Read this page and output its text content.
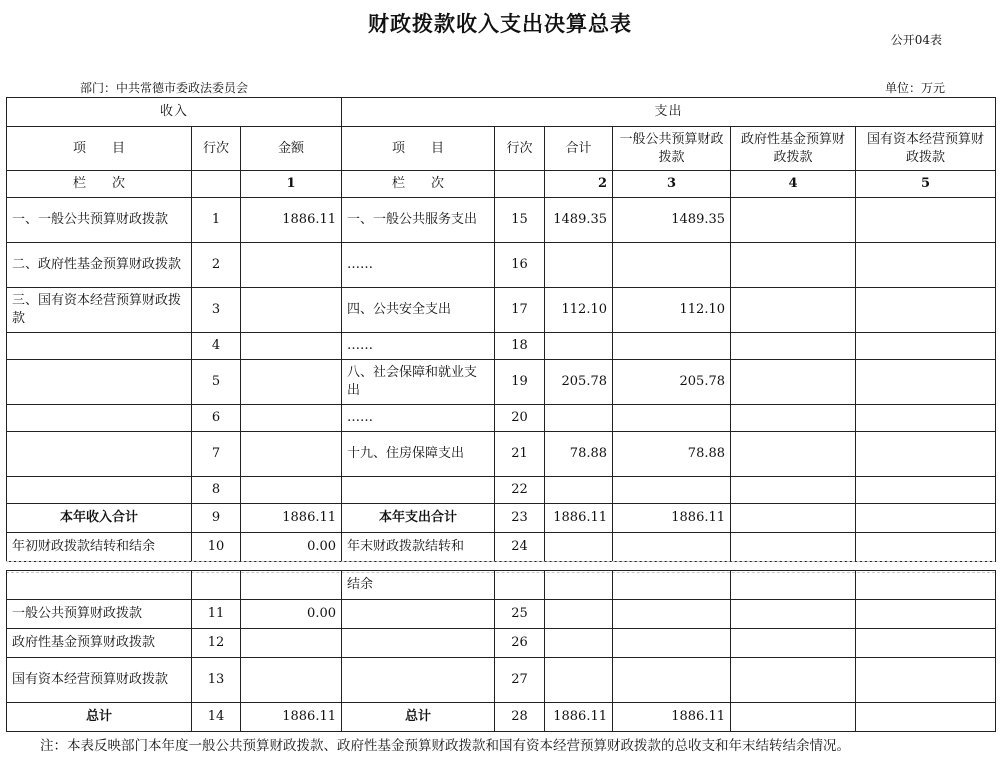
财政拨款收入支出决算总表
公开04表
部门：中共常德市委政法委员会	单位：万元
收入			支出					
项　　目	行次	金额	项　　目	行次	合计	一般公共预算财政拨款	政府性基金预算财政拨款	国有资本经营预算财政拨款
栏　　次		1	栏　　次		2	3	4	5
一、一般公共预算财政拨款	1	1886.11	一、一般公共服务支出	15	1489.35	1489.35		
二、政府性基金预算财政拨款	2		……	16				
三、国有资本经营预算财政拨款	3		四、公共安全支出	17	112.10	112.10		
	4		……	18				
	5		八、社会保障和就业支出	19	205.78	205.78		
	6		……	20				
	7		十九、住房保障支出	21	78.88	78.88		
	8			22				
本年收入合计	9	1886.11	本年支出合计	23	1886.11	1886.11		
年初财政拨款结转和结余	10	0.00	年末财政拨款结转和	24				
			结余					
一般公共预算财政拨款	11	0.00		25				
政府性基金预算财政拨款	12			26				
国有资本经营预算财政拨款	13			27				
总计	14	1886.11	总计	28	1886.11	1886.11		
注：本表反映部门本年度一般公共预算财政拨款、政府性基金预算财政拨款和国有资本经营预算财政拨款的总收支和年末结转结余情况。
